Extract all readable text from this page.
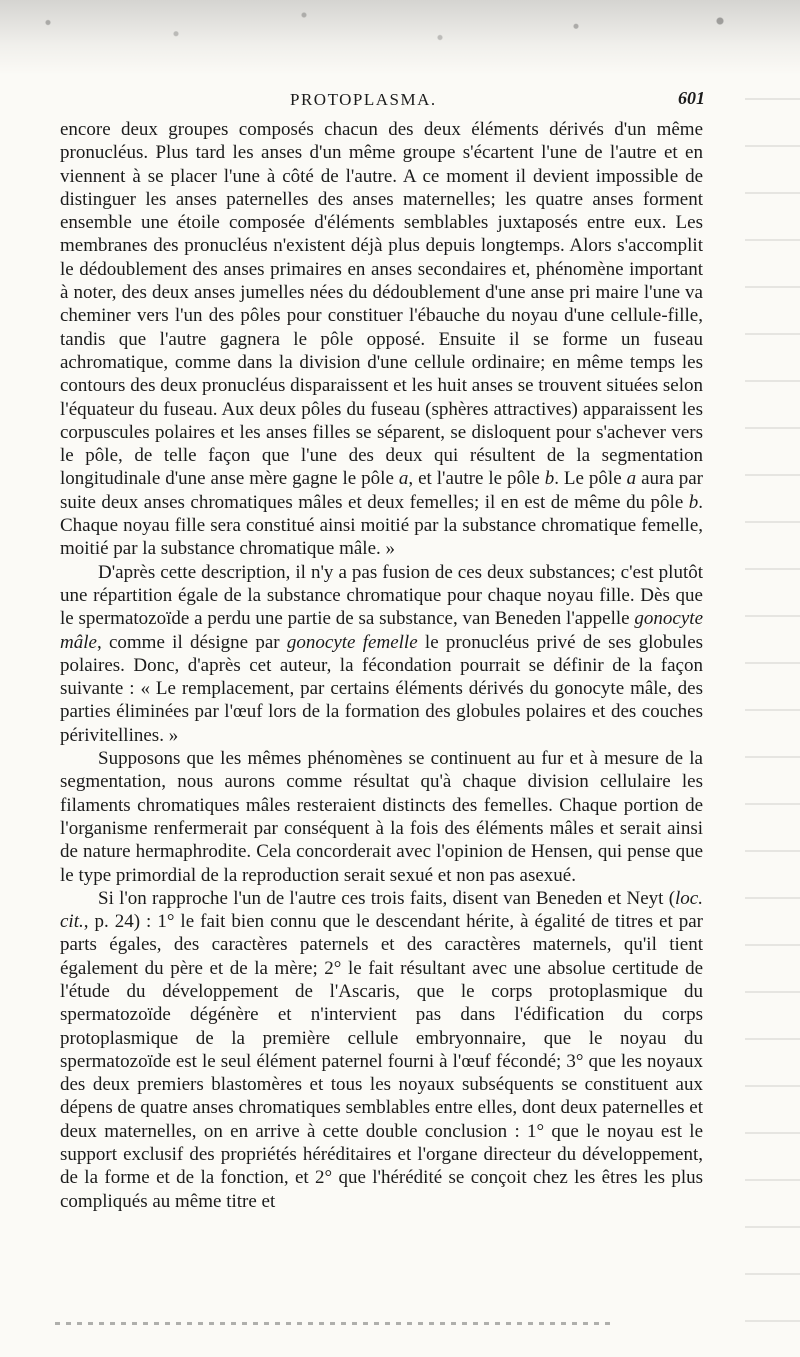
PROTOPLASMA.	601

encore deux groupes composés chacun des deux éléments dérivés d'un même pronucléus. Plus tard les anses d'un même groupe s'écartent l'une de l'autre et en viennent à se placer l'une à côté de l'autre. A ce moment il devient impossible de distinguer les anses paternelles des anses maternelles; les quatre anses forment ensemble une étoile composée d'éléments semblables juxtaposés entre eux. Les membranes des pronucléus n'existent déjà plus depuis longtemps. Alors s'accomplit le dédoublement des anses primaires en anses secondaires et, phénomène important à noter, des deux anses jumelles nées du dédoublement d'une anse pri maire l'une va cheminer vers l'un des pôles pour constituer l'ébauche du noyau d'une cellule-fille, tandis que l'autre gagnera le pôle opposé. Ensuite il se forme un fuseau achromatique, comme dans la division d'une cellule ordinaire; en même temps les contours des deux pronucléus disparaissent et les huit anses se trouvent situées selon l'équateur du fuseau. Aux deux pôles du fuseau (sphères attractives) apparaissent les corpuscules polaires et les anses filles se séparent, se disloquent pour s'achever vers le pôle, de telle façon que l'une des deux qui résultent de la segmentation longitudinale d'une anse mère gagne le pôle a, et l'autre le pôle b. Le pôle a aura par suite deux anses chromatiques mâles et deux femelles; il en est de même du pôle b. Chaque noyau fille sera constitué ainsi moitié par la substance chromatique femelle, moitié par la substance chromatique mâle. »

D'après cette description, il n'y a pas fusion de ces deux substances; c'est plutôt une répartition égale de la substance chromatique pour chaque noyau fille. Dès que le spermatozoïde a perdu une partie de sa substance, van Beneden l'appelle gonocyte mâle, comme il désigne par gonocyte femelle le pronucléus privé de ses globules polaires. Donc, d'après cet auteur, la fécondation pourrait se définir de la façon suivante : « Le remplacement, par certains éléments dérivés du gonocyte mâle, des parties éliminées par l'œuf lors de la formation des globules polaires et des couches périvitellines. »

Supposons que les mêmes phénomènes se continuent au fur et à mesure de la segmentation, nous aurons comme résultat qu'à chaque division cellulaire les filaments chromatiques mâles resteraient distincts des femelles. Chaque portion de l'organisme renfermerait par conséquent à la fois des éléments mâles et serait ainsi de nature hermaphrodite. Cela concorderait avec l'opinion de Hensen, qui pense que le type primordial de la reproduction serait sexué et non pas asexué.

Si l'on rapproche l'un de l'autre ces trois faits, disent van Beneden et Neyt (loc. cit., p. 24) : 1° le fait bien connu que le descendant hérite, à égalité de titres et par parts égales, des caractères paternels et des caractères maternels, qu'il tient également du père et de la mère; 2° le fait résultant avec une absolue certitude de l'étude du développement de l'Ascaris, que le corps protoplasmique du spermatozoïde dégénère et n'intervient pas dans l'édification du corps protoplasmique de la première cellule embryonnaire, que le noyau du spermatozoïde est le seul élément paternel fourni à l'œuf fécondé; 3° que les noyaux des deux premiers blastomères et tous les noyaux subséquents se constituent aux dépens de quatre anses chromatiques semblables entre elles, dont deux paternelles et deux maternelles, on en arrive à cette double conclusion : 1° que le noyau est le support exclusif des propriétés héréditaires et l'organe directeur du développement, de la forme et de la fonction, et 2° que l'hérédité se conçoit chez les êtres les plus compliqués au même titre et
